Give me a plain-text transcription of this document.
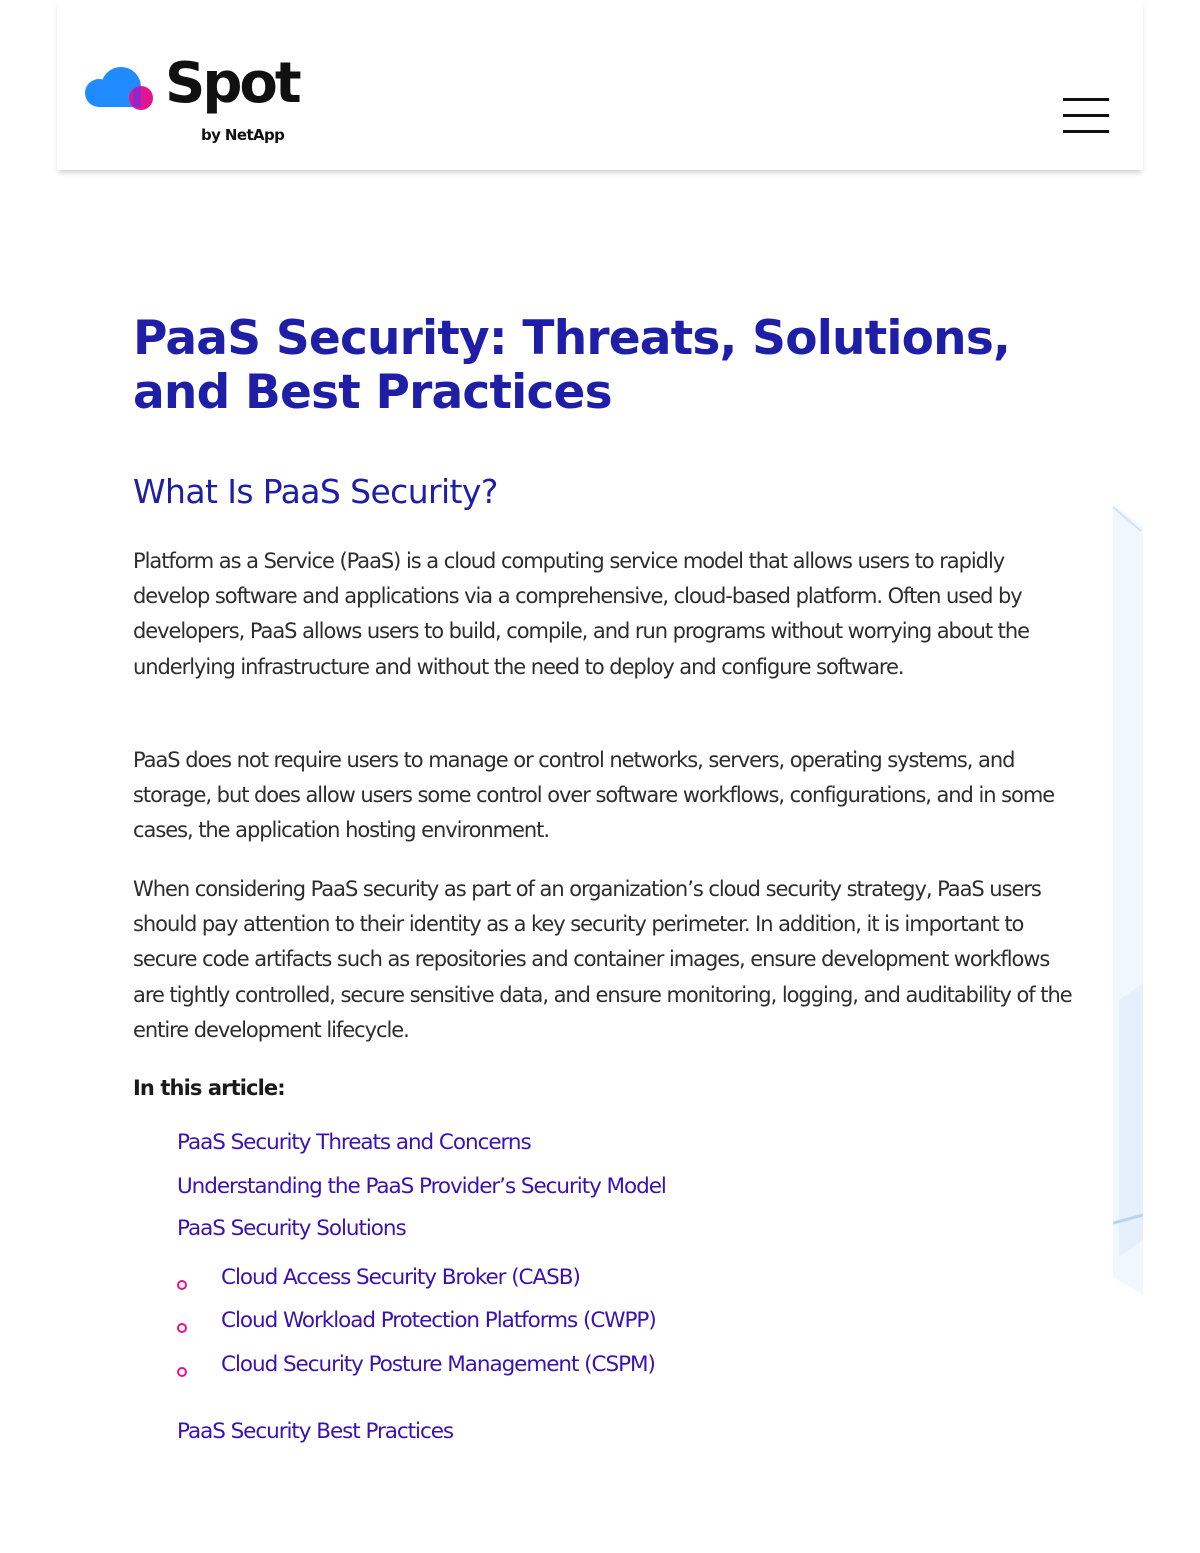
Spot
by NetApp
PaaS Security: Threats, Solutions, and Best Practices
What Is PaaS Security?

Platform as a Service (PaaS) is a cloud computing service model that allows users to rapidly develop software and applications via a comprehensive, cloud-based platform. Often used by developers, PaaS allows users to build, compile, and run programs without worrying about the underlying infrastructure and without the need to deploy and configure software.

PaaS does not require users to manage or control networks, servers, operating systems, and storage, but does allow users some control over software workflows, configurations, and in some cases, the application hosting environment.

When considering PaaS security as part of an organization’s cloud security strategy, PaaS users should pay attention to their identity as a key security perimeter. In addition, it is important to secure code artifacts such as repositories and container images, ensure development workflows are tightly controlled, secure sensitive data, and ensure monitoring, logging, and auditability of the entire development lifecycle.

In this article:
PaaS Security Threats and Concerns
Understanding the PaaS Provider’s Security Model
PaaS Security Solutions
Cloud Access Security Broker (CASB)
Cloud Workload Protection Platforms (CWPP)
Cloud Security Posture Management (CSPM)
PaaS Security Best Practices
